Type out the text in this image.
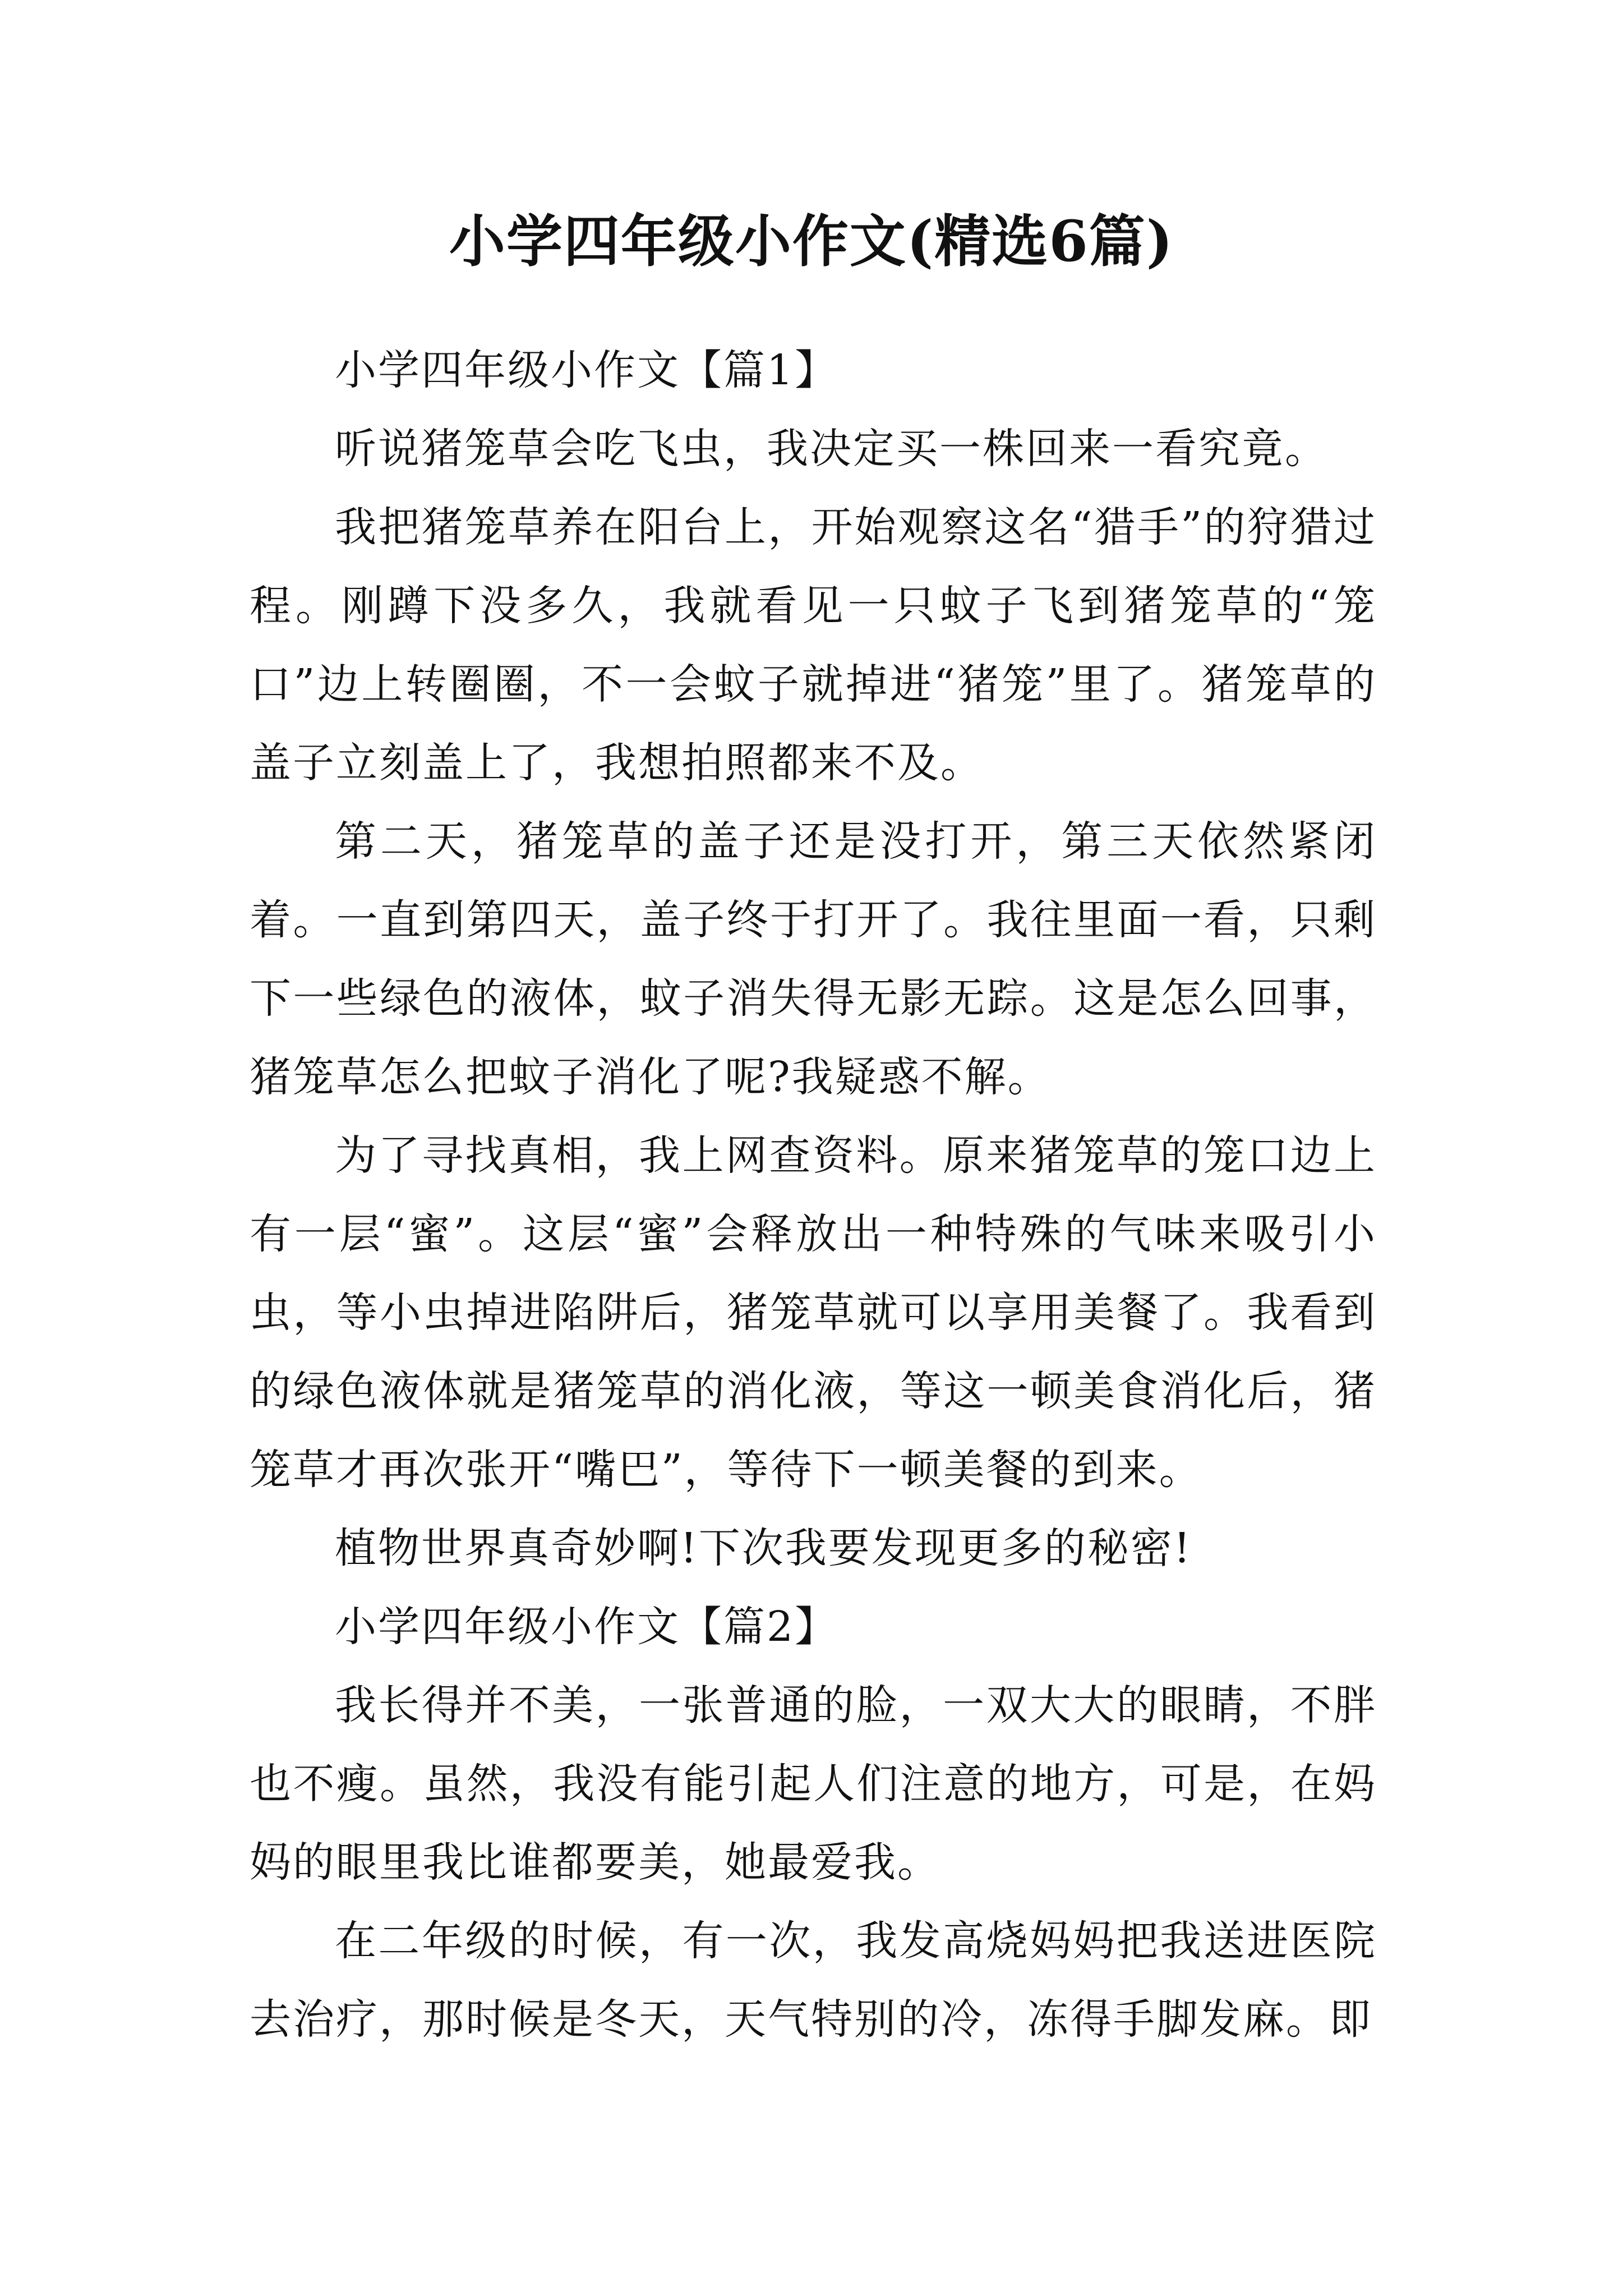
小学四年级小作文(精选6篇)

小学四年级小作文【篇1】

听说猪笼草会吃飞虫，我决定买一株回来一看究竟。

我把猪笼草养在阳台上，开始观察这名“猎手”的狩猎过程。刚蹲下没多久，我就看见一只蚊子飞到猪笼草的“笼口”边上转圈圈，不一会蚊子就掉进“猪笼”里了。猪笼草的盖子立刻盖上了，我想拍照都来不及。

第二天，猪笼草的盖子还是没打开，第三天依然紧闭着。一直到第四天，盖子终于打开了。我往里面一看，只剩下一些绿色的液体，蚊子消失得无影无踪。这是怎么回事，猪笼草怎么把蚊子消化了呢?我疑惑不解。

为了寻找真相，我上网查资料。原来猪笼草的笼口边上有一层“蜜”。这层“蜜”会释放出一种特殊的气味来吸引小虫，等小虫掉进陷阱后，猪笼草就可以享用美餐了。我看到的绿色液体就是猪笼草的消化液，等这一顿美食消化后，猪笼草才再次张开“嘴巴”，等待下一顿美餐的到来。

植物世界真奇妙啊!下次我要发现更多的秘密!

小学四年级小作文【篇2】

我长得并不美，一张普通的脸，一双大大的眼睛，不胖也不瘦。虽然，我没有能引起人们注意的地方，可是，在妈妈的眼里我比谁都要美，她最爱我。

在二年级的时候，有一次，我发高烧妈妈把我送进医院去治疗，那时候是冬天，天气特别的冷，冻得手脚发麻。即
